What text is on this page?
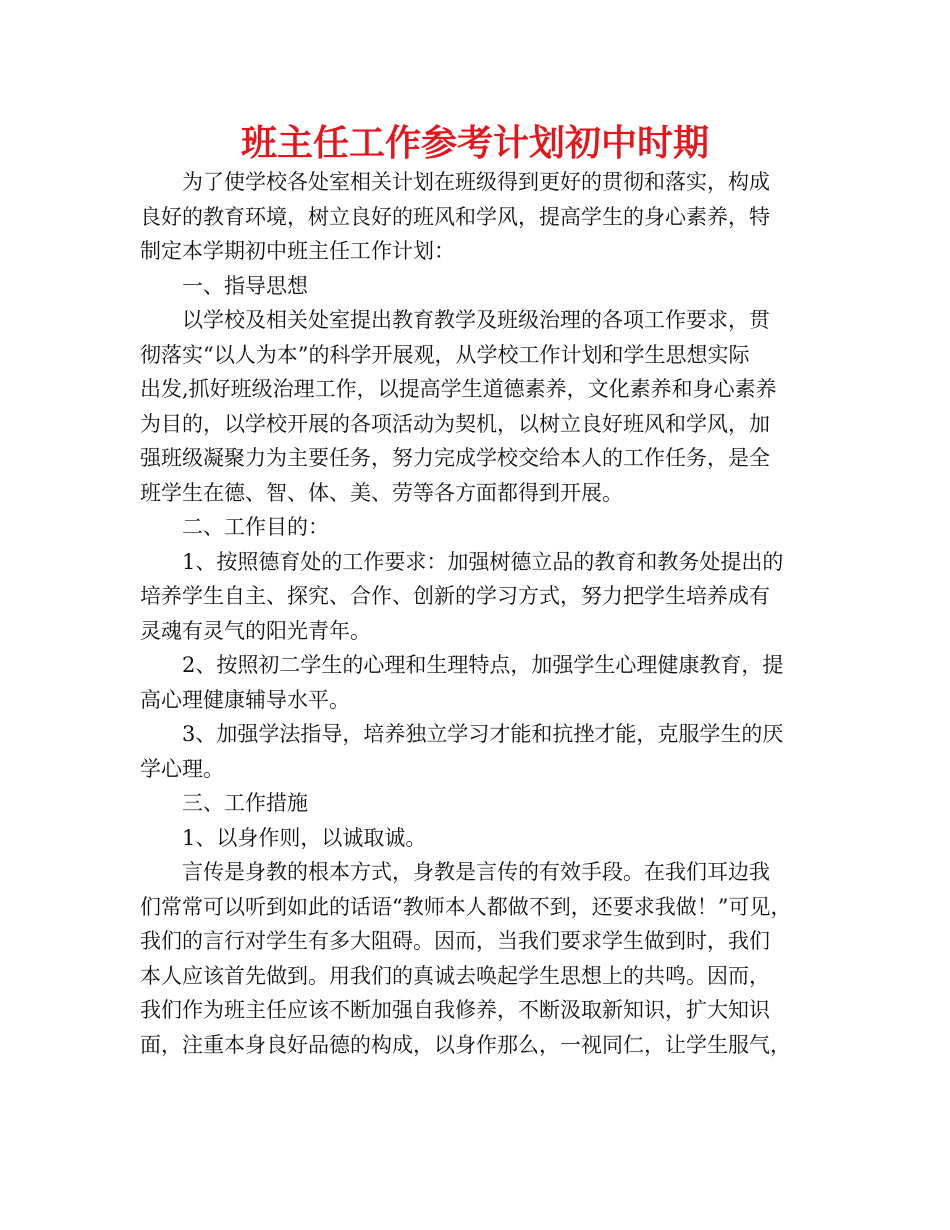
班主任工作参考计划初中时期
为了使学校各处室相关计划在班级得到更好的贯彻和落实，构成
良好的教育环境，树立良好的班风和学风，提高学生的身心素养，特
制定本学期初中班主任工作计划：
一、指导思想
以学校及相关处室提出教育教学及班级治理的各项工作要求，贯
彻落实“以人为本”的科学开展观，从学校工作计划和学生思想实际
出发,抓好班级治理工作，以提高学生道德素养，文化素养和身心素养
为目的，以学校开展的各项活动为契机，以树立良好班风和学风，加
强班级凝聚力为主要任务，努力完成学校交给本人的工作任务，是全
班学生在德、智、体、美、劳等各方面都得到开展。
二、工作目的：
1、按照德育处的工作要求：加强树德立品的教育和教务处提出的
培养学生自主、探究、合作、创新的学习方式，努力把学生培养成有
灵魂有灵气的阳光青年。
2、按照初二学生的心理和生理特点，加强学生心理健康教育，提
高心理健康辅导水平。
3、加强学法指导，培养独立学习才能和抗挫才能，克服学生的厌
学心理。
三、工作措施
1、以身作则，以诚取诚。
言传是身教的根本方式，身教是言传的有效手段。在我们耳边我
们常常可以听到如此的话语“教师本人都做不到，还要求我做！”可见，
我们的言行对学生有多大阻碍。因而，当我们要求学生做到时，我们
本人应该首先做到。用我们的真诚去唤起学生思想上的共鸣。因而，
我们作为班主任应该不断加强自我修养，不断汲取新知识，扩大知识
面，注重本身良好品德的构成，以身作那么，一视同仁，让学生服气，
